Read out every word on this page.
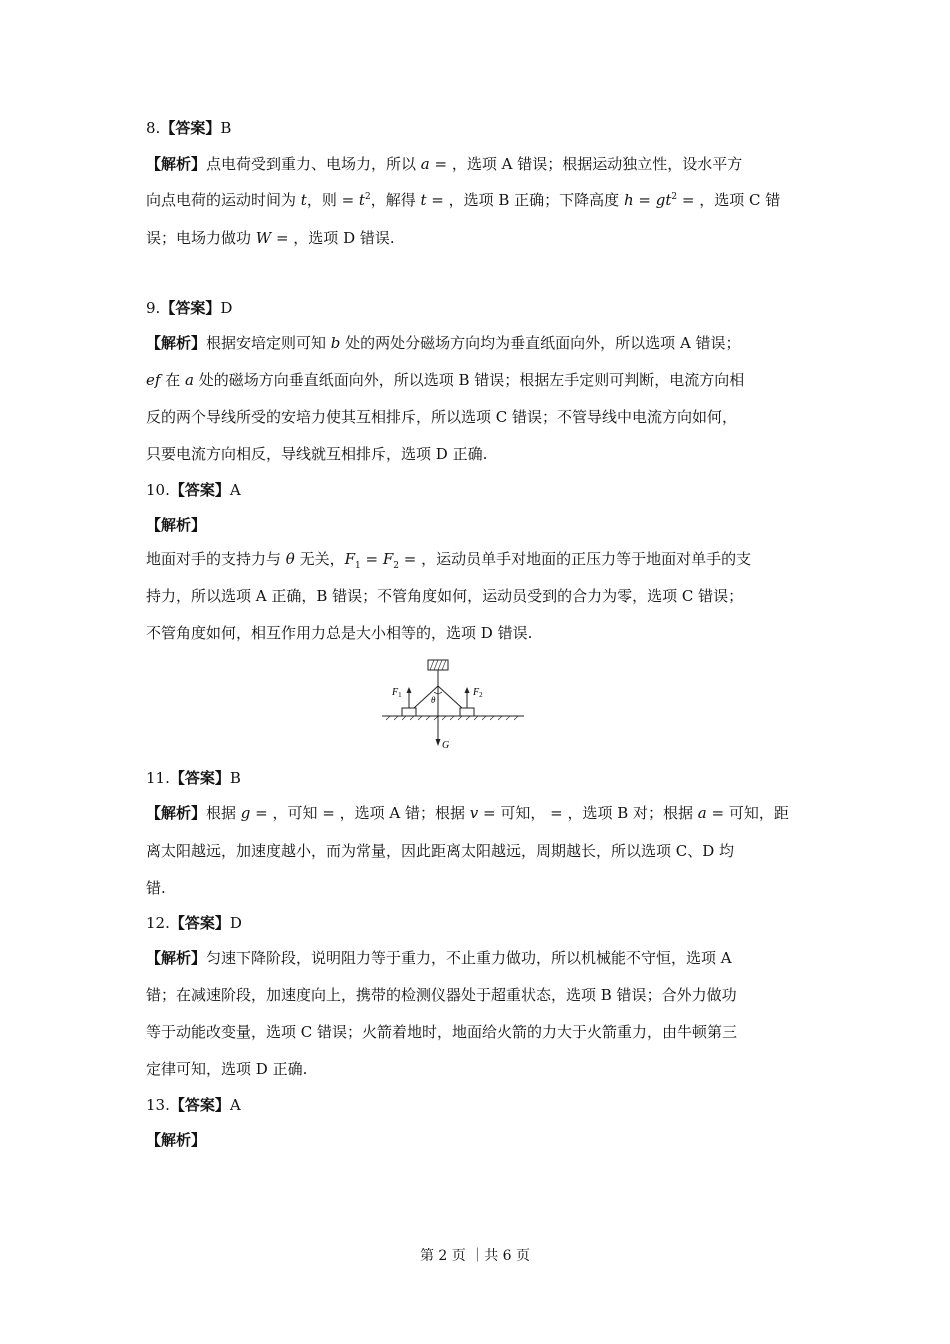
8.【答案】B
【解析】点电荷受到重力、电场力，所以 a = ，选项 A 错误；根据运动独立性，设水平方
向点电荷的运动时间为 t，则 = $t^2$，解得 t = ，选项 B 正确；下降高度 $h = gt^2$ = ，选项 C 错
误；电场力做功 W = ，选项 D 错误.
9.【答案】D
【解析】根据安培定则可知 b 处的两处分磁场方向均为垂直纸面向外，所以选项 A 错误；
ef 在 a 处的磁场方向垂直纸面向外，所以选项 B 错误；根据左手定则可判断，电流方向相
反的两个导线所受的安培力使其互相排斥，所以选项 C 错误；不管导线中电流方向如何，
只要电流方向相反，导线就互相排斥，选项 D 正确.
10.【答案】A
【解析】
地面对手的支持力与 θ 无关，$F_1 = F_2$ = ，运动员单手对地面的正压力等于地面对单手的支
持力，所以选项 A 正确，B 错误；不管角度如何，运动员受到的合力为零，选项 C 错误；
不管角度如何，相互作用力总是大小相等的，选项 D 错误.
$F_1$	$F_2$
θ
G
11.【答案】B
【解析】根据 g = ，可知 = ，选项 A 错；根据 v = 可知， = ，选项 B 对；根据 a = 可知，距
离太阳越远，加速度越小，而为常量，因此距离太阳越远，周期越长，所以选项 C、D 均
错.
12.【答案】D
【解析】匀速下降阶段，说明阻力等于重力，不止重力做功，所以机械能不守恒，选项 A
错；在减速阶段，加速度向上，携带的检测仪器处于超重状态，选项 B 错误；合外力做功
等于动能改变量，选项 C 错误；火箭着地时，地面给火箭的力大于火箭重力，由牛顿第三
定律可知，选项 D 正确.
13.【答案】A
【解析】
第 2 页 ｜共 6 页
